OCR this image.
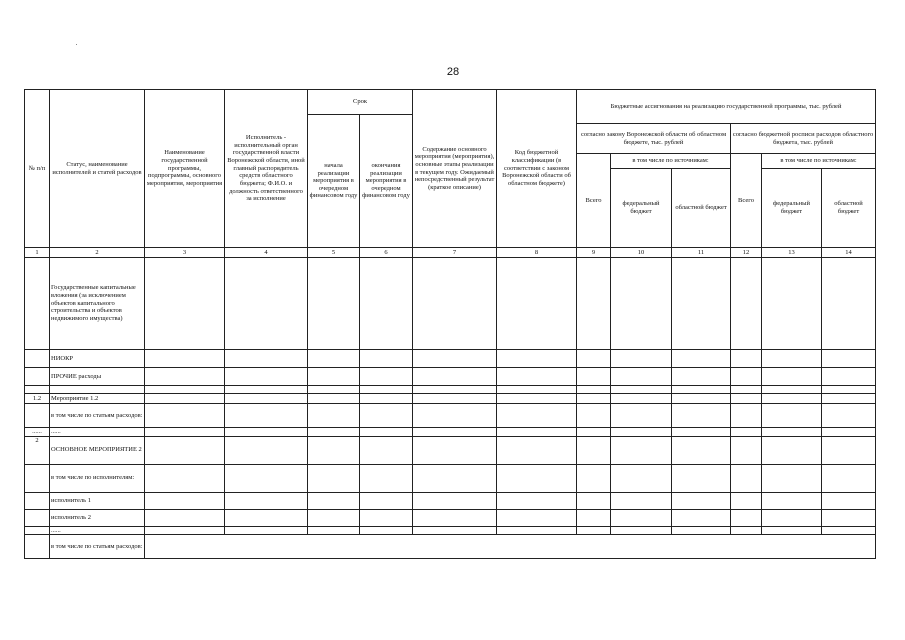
28
№ п/п	Статус, наименование исполнителей и статей расходов	Наименование государственной программы, подпрограммы, основного мероприятия, мероприятия	Исполнитель - исполнительный орган государственной власти Воронежской области, иной главный распорядитель средств областного бюджета; Ф.И.О. и должность ответственного за исполнение	Срок		Содержание основного мероприятия (мероприятия), основные этапы реализации в текущем году. Ожидаемый непосредственный результат (краткое описание)	Код бюджетной классификации (в соответствии с законом Воронежской области об областном бюджете)	Бюджетные ассигнования на реализацию государственной программы, тыс. рублей					
				начала реализации мероприятия в очередном финансовом году	окончания реализации мероприятия в очередном финансовом году								
								согласно закону Воронежской области об областном бюджете, тыс. рублей			согласно бюджетной росписи расходов областного бюджета, тыс. рублей		
								Всего	в том числе по источникам:		Всего	в том числе по источникам:	
									федеральный бюджет	областной бюджет		федеральный бюджет	областной бюджет
1	2	3	4	5	6	7	8	9	10	11	12	13	14
	Государственные капитальные вложения (за исключением объектов капитального строительства и объектов недвижимого имущества)												
	НИОКР												
	ПРОЧИЕ расходы												

1.2	Мероприятие 1.2												
	в том числе по статьям расходов:												
......	......												
2	ОСНОВНОЕ МЕРОПРИЯТИЕ 2												
	в том числе по исполнителям:												
	исполнитель 1												
	исполнитель 2												
	......												
	в том числе по статьям расходов:												
